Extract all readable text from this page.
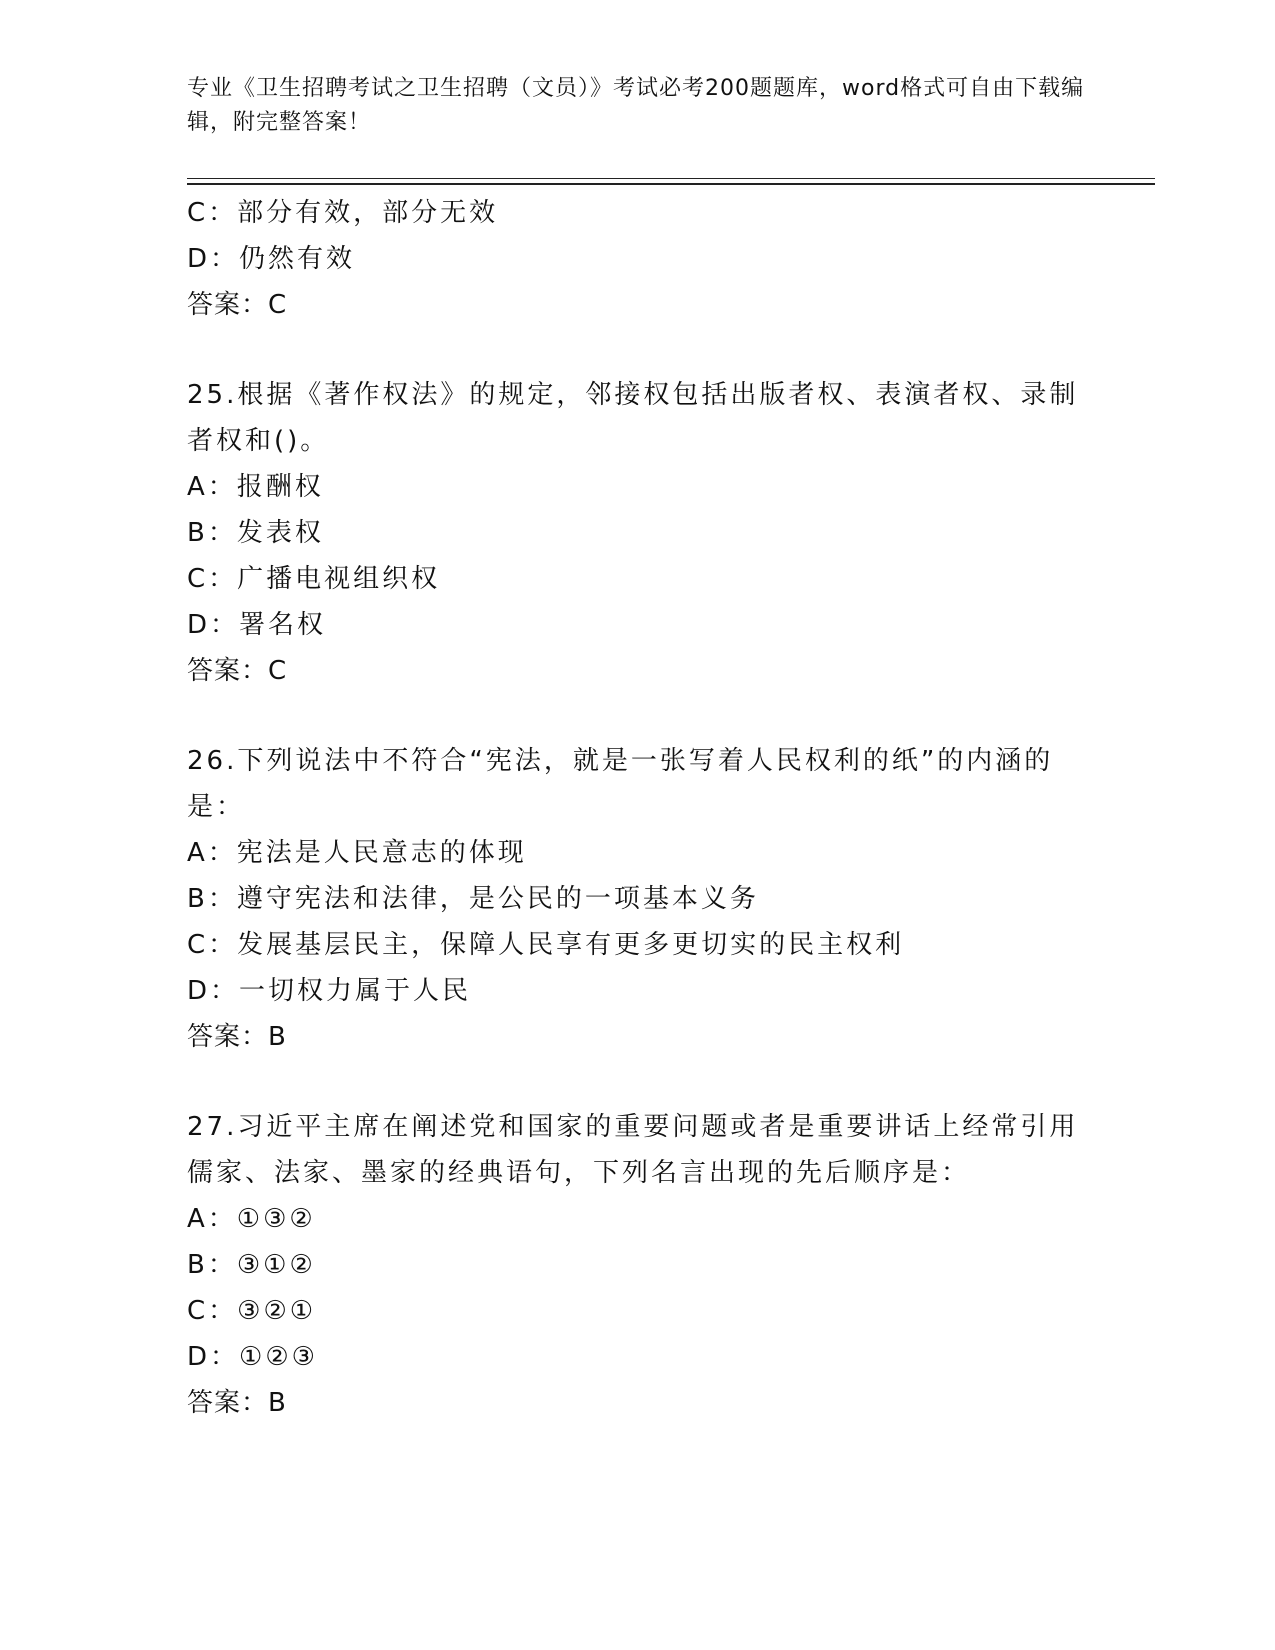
专业《卫生招聘考试之卫生招聘（文员）》考试必考200题题库，word格式可自由下载编辑，附完整答案！
C：部分有效，部分无效
D：仍然有效
答案：C
25.根据《著作权法》的规定，邻接权包括出版者权、表演者权、录制者权和()。
A：报酬权
B：发表权
C：广播电视组织权
D：署名权
答案：C
26.下列说法中不符合“宪法，就是一张写着人民权利的纸”的内涵的是：
A：宪法是人民意志的体现
B：遵守宪法和法律，是公民的一项基本义务
C：发展基层民主，保障人民享有更多更切实的民主权利
D：一切权力属于人民
答案：B
27.习近平主席在阐述党和国家的重要问题或者是重要讲话上经常引用儒家、法家、墨家的经典语句，下列名言出现的先后顺序是：
A：①③②
B：③①②
C：③②①
D：①②③
答案：B
